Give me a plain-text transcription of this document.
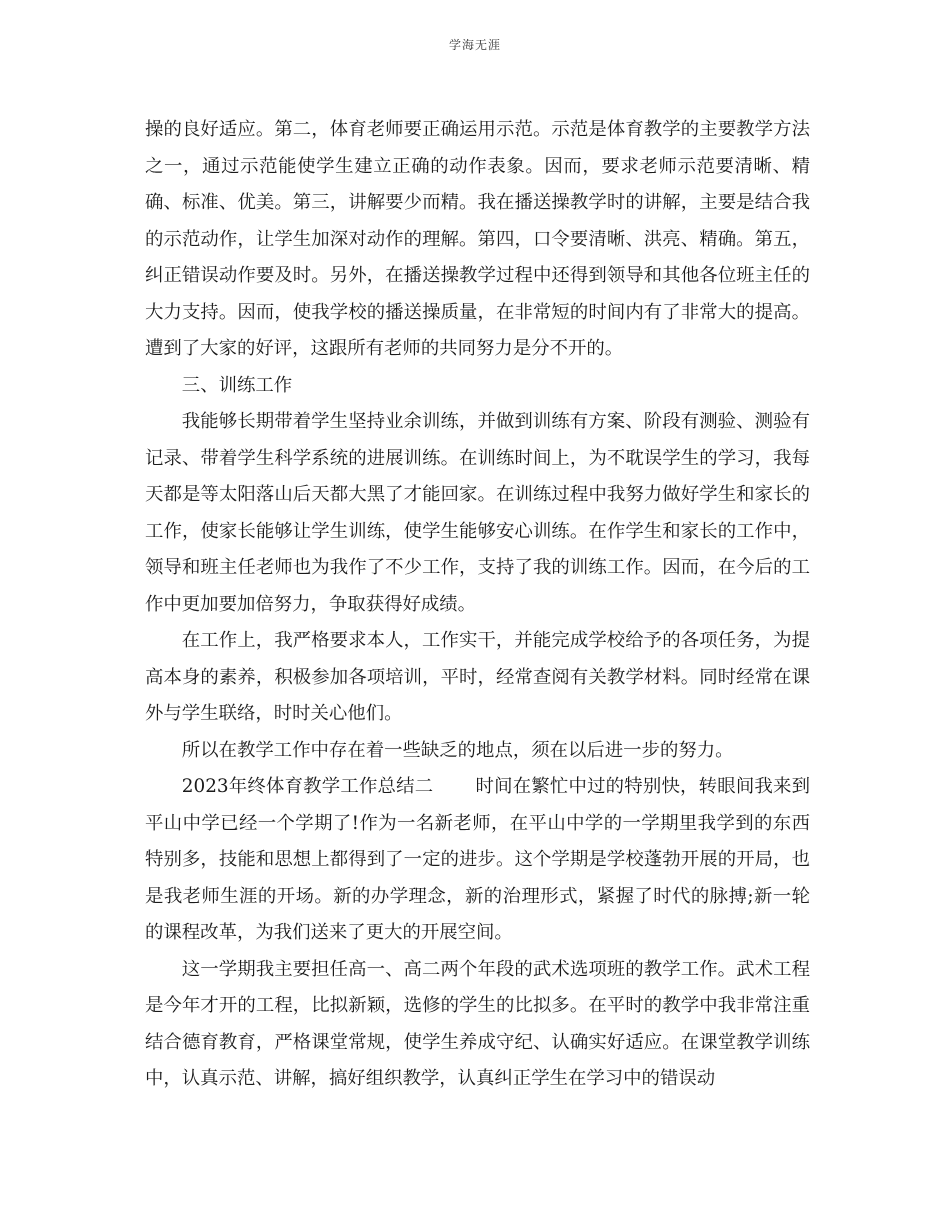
学海无涯

操的良好适应。第二，体育老师要正确运用示范。示范是体育教学的主要教学方法之一，通过示范能使学生建立正确的动作表象。因而，要求老师示范要清晰、精确、标准、优美。第三，讲解要少而精。我在播送操教学时的讲解，主要是结合我的示范动作，让学生加深对动作的理解。第四，口令要清晰、洪亮、精确。第五，纠正错误动作要及时。另外，在播送操教学过程中还得到领导和其他各位班主任的大力支持。因而，使我学校的播送操质量，在非常短的时间内有了非常大的提高。遭到了大家的好评，这跟所有老师的共同努力是分不开的。

三、训练工作

我能够长期带着学生坚持业余训练，并做到训练有方案、阶段有测验、测验有记录、带着学生科学系统的进展训练。在训练时间上，为不耽误学生的学习，我每天都是等太阳落山后天都大黑了才能回家。在训练过程中我努力做好学生和家长的工作，使家长能够让学生训练，使学生能够安心训练。在作学生和家长的工作中，领导和班主任老师也为我作了不少工作，支持了我的训练工作。因而，在今后的工作中更加要加倍努力，争取获得好成绩。

在工作上，我严格要求本人，工作实干，并能完成学校给予的各项任务，为提高本身的素养，积极参加各项培训，平时，经常查阅有关教学材料。同时经常在课外与学生联络，时时关心他们。

所以在教学工作中存在着一些缺乏的地点，须在以后进一步的努力。

2023年终体育教学工作总结二 时间在繁忙中过的特别快，转眼间我来到平山中学已经一个学期了!作为一名新老师，在平山中学的一学期里我学到的东西特别多，技能和思想上都得到了一定的进步。这个学期是学校蓬勃开展的开局，也是我老师生涯的开场。新的办学理念，新的治理形式，紧握了时代的脉搏;新一轮的课程改革，为我们送来了更大的开展空间。

这一学期我主要担任高一、高二两个年段的武术选项班的教学工作。武术工程是今年才开的工程，比拟新颖，选修的学生的比拟多。在平时的教学中我非常注重结合德育教育，严格课堂常规，使学生养成守纪、认确实好适应。在课堂教学训练中，认真示范、讲解，搞好组织教学，认真纠正学生在学习中的错误动
